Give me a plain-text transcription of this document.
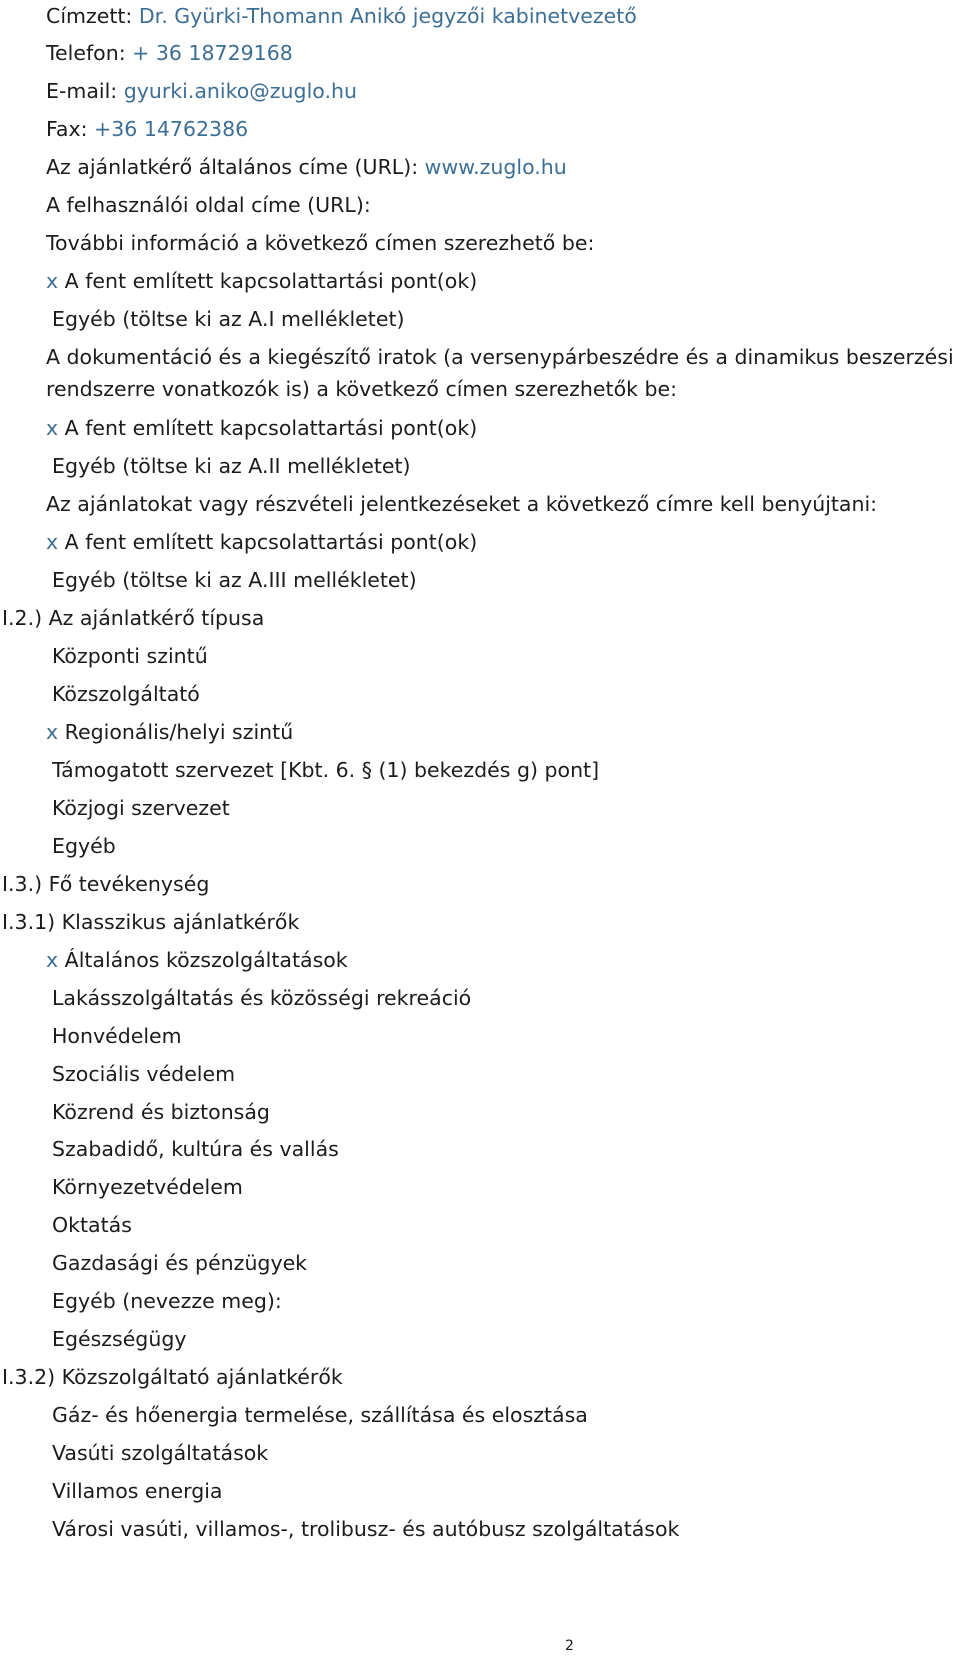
Címzett: Dr. Gyürki-Thomann Anikó jegyzői kabinetvezető
Telefon: + 36 18729168
E-mail: gyurki.aniko@zuglo.hu
Fax: +36 14762386
Az ajánlatkérő általános címe (URL): www.zuglo.hu
A felhasználói oldal címe (URL):
További információ a következő címen szerezhető be:
x A fent említett kapcsolattartási pont(ok)
Egyéb (töltse ki az A.I mellékletet)
A dokumentáció és a kiegészítő iratok (a versenypárbeszédre és a dinamikus beszerzési
rendszerre vonatkozók is) a következő címen szerezhetők be:
x A fent említett kapcsolattartási pont(ok)
Egyéb (töltse ki az A.II mellékletet)
Az ajánlatokat vagy részvételi jelentkezéseket a következő címre kell benyújtani:
x A fent említett kapcsolattartási pont(ok)
Egyéb (töltse ki az A.III mellékletet)
I.2.) Az ajánlatkérő típusa
Központi szintű
Közszolgáltató
x Regionális/helyi szintű
Támogatott szervezet [Kbt. 6. § (1) bekezdés g) pont]
Közjogi szervezet
Egyéb
I.3.) Fő tevékenység
I.3.1) Klasszikus ajánlatkérők
x Általános közszolgáltatások
Lakásszolgáltatás és közösségi rekreáció
Honvédelem
Szociális védelem
Közrend és biztonság
Szabadidő, kultúra és vallás
Környezetvédelem
Oktatás
Gazdasági és pénzügyek
Egyéb (nevezze meg):
Egészségügy
I.3.2) Közszolgáltató ajánlatkérők
Gáz- és hőenergia termelése, szállítása és elosztása
Vasúti szolgáltatások
Villamos energia
Városi vasúti, villamos-, trolibusz- és autóbusz szolgáltatások
2
